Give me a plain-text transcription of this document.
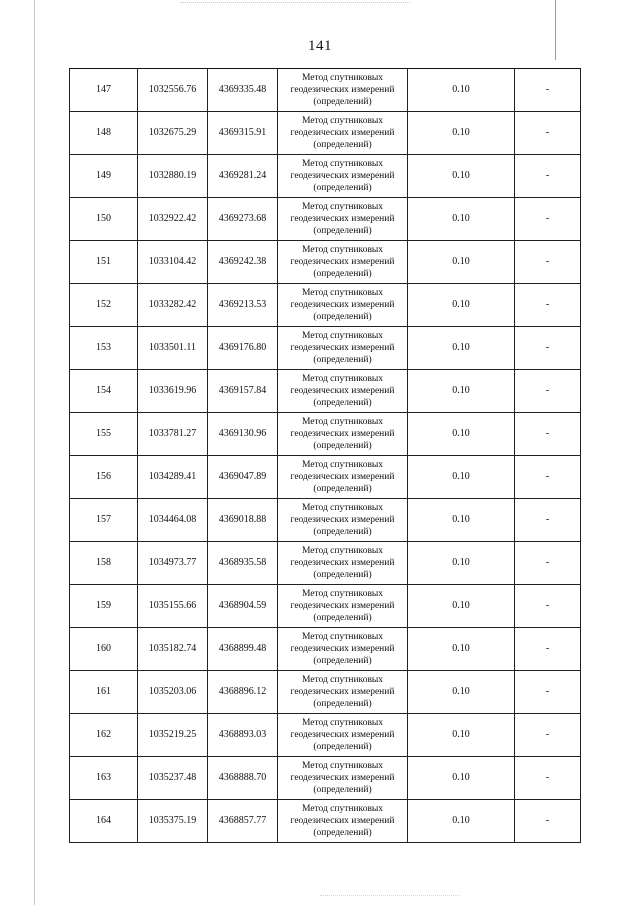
141
147	1032556.76	4369335.48	Метод спутниковых
геодезических измерений
(определений)	0.10	-
148	1032675.29	4369315.91	Метод спутниковых
геодезических измерений
(определений)	0.10	-
149	1032880.19	4369281.24	Метод спутниковых
геодезических измерений
(определений)	0.10	-
150	1032922.42	4369273.68	Метод спутниковых
геодезических измерений
(определений)	0.10	-
151	1033104.42	4369242.38	Метод спутниковых
геодезических измерений
(определений)	0.10	-
152	1033282.42	4369213.53	Метод спутниковых
геодезических измерений
(определений)	0.10	-
153	1033501.11	4369176.80	Метод спутниковых
геодезических измерений
(определений)	0.10	-
154	1033619.96	4369157.84	Метод спутниковых
геодезических измерений
(определений)	0.10	-
155	1033781.27	4369130.96	Метод спутниковых
геодезических измерений
(определений)	0.10	-
156	1034289.41	4369047.89	Метод спутниковых
геодезических измерений
(определений)	0.10	-
157	1034464.08	4369018.88	Метод спутниковых
геодезических измерений
(определений)	0.10	-
158	1034973.77	4368935.58	Метод спутниковых
геодезических измерений
(определений)	0.10	-
159	1035155.66	4368904.59	Метод спутниковых
геодезических измерений
(определений)	0.10	-
160	1035182.74	4368899.48	Метод спутниковых
геодезических измерений
(определений)	0.10	-
161	1035203.06	4368896.12	Метод спутниковых
геодезических измерений
(определений)	0.10	-
162	1035219.25	4368893.03	Метод спутниковых
геодезических измерений
(определений)	0.10	-
163	1035237.48	4368888.70	Метод спутниковых
геодезических измерений
(определений)	0.10	-
164	1035375.19	4368857.77	Метод спутниковых
геодезических измерений
(определений)	0.10	-
